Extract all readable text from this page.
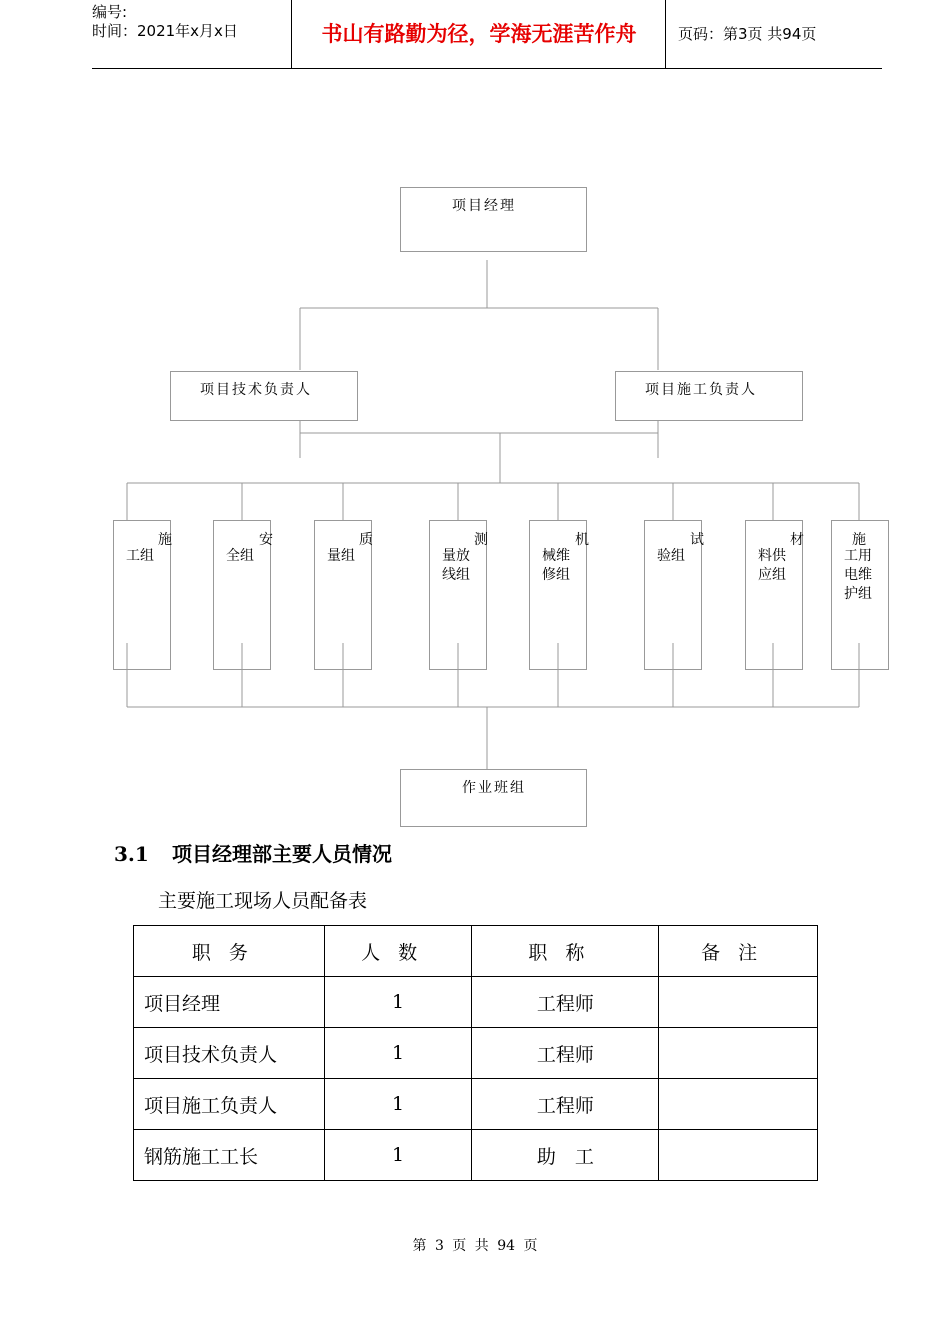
编号:
时间：2021年x月x日	书山有路勤为径，学海无涯苦作舟	页码：第3页 共94页
项目经理
项目技术负责人	项目施工负责人
施
工组
安
全组
质
量组
测
量放线组
机
械维修组
试
验组
材
料供应组
施
工用电维护组
作业班组
3.1 项目经理部主要人员情况
主要施工现场人员配备表
职务	人数	职称	备注
项目经理	1	工程师	
项目技术负责人	1	工程师	
项目施工负责人	1	工程师	
钢筋施工工长	1	助　工	
第 3 页 共 94 页
